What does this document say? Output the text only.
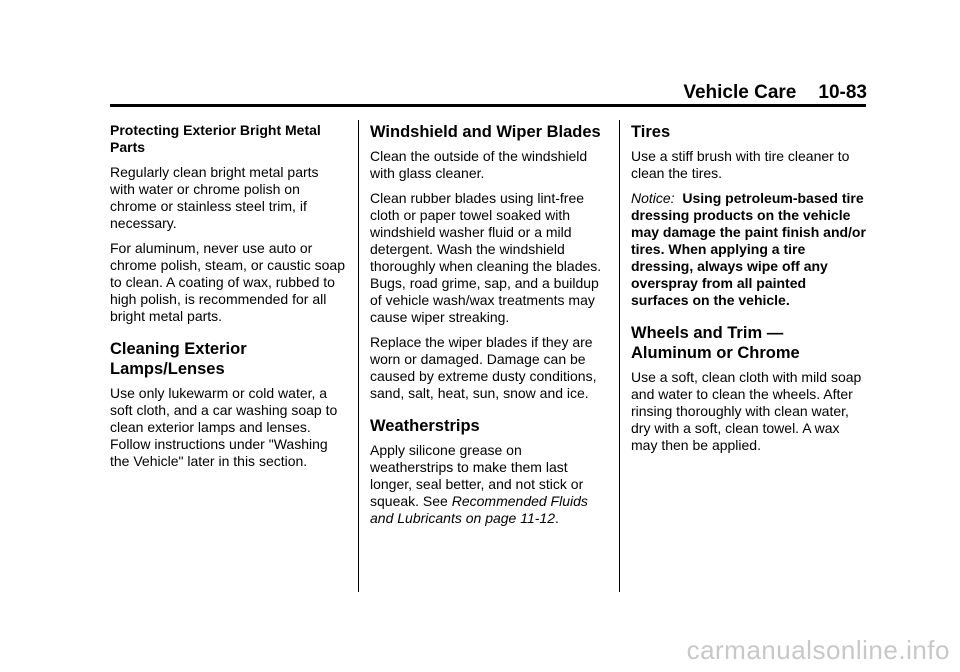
Vehicle Care 10-83
Protecting Exterior Bright Metal Parts

Regularly clean bright metal parts with water or chrome polish on chrome or stainless steel trim, if necessary.

For aluminum, never use auto or chrome polish, steam, or caustic soap to clean. A coating of wax, rubbed to high polish, is recommended for all bright metal parts.

Cleaning Exterior Lamps/Lenses

Use only lukewarm or cold water, a soft cloth, and a car washing soap to clean exterior lamps and lenses. Follow instructions under "Washing the Vehicle" later in this section.

Windshield and Wiper Blades

Clean the outside of the windshield with glass cleaner.

Clean rubber blades using lint-free cloth or paper towel soaked with windshield washer fluid or a mild detergent. Wash the windshield thoroughly when cleaning the blades. Bugs, road grime, sap, and a buildup of vehicle wash/wax treatments may cause wiper streaking.

Replace the wiper blades if they are worn or damaged. Damage can be caused by extreme dusty conditions, sand, salt, heat, sun, snow and ice.

Weatherstrips

Apply silicone grease on weatherstrips to make them last longer, seal better, and not stick or squeak. See Recommended Fluids and Lubricants on page 11-12.

Tires

Use a stiff brush with tire cleaner to clean the tires.

Notice: Using petroleum-based tire dressing products on the vehicle may damage the paint finish and/or tires. When applying a tire dressing, always wipe off any overspray from all painted surfaces on the vehicle.

Wheels and Trim — Aluminum or Chrome

Use a soft, clean cloth with mild soap and water to clean the wheels. After rinsing thoroughly with clean water, dry with a soft, clean towel. A wax may then be applied.

carmanualsonline.info
